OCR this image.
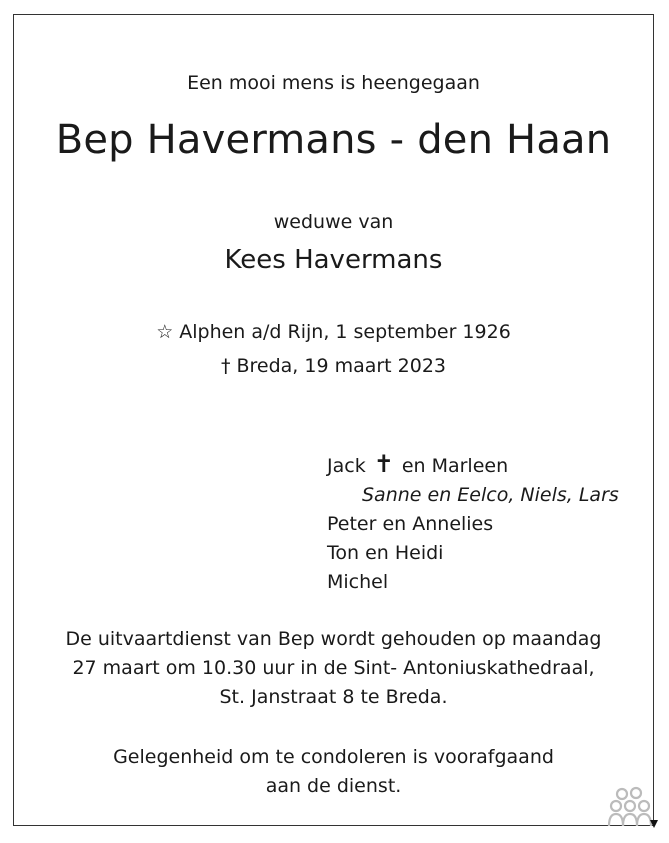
Een mooi mens is heengegaan
Bep Havermans - den Haan
weduwe van
Kees Havermans
☆ Alphen a/d Rijn, 1 september 1926
† Breda, 19 maart 2023
Jack ✝ en Marleen
Sanne en Eelco, Niels, Lars
Peter en Annelies
Ton en Heidi
Michel
De uitvaartdienst van Bep wordt gehouden op maandag
27 maart om 10.30 uur in de Sint- Antoniuskathedraal,
St. Janstraat 8 te Breda.
Gelegenheid om te condoleren is voorafgaand
aan de dienst.
